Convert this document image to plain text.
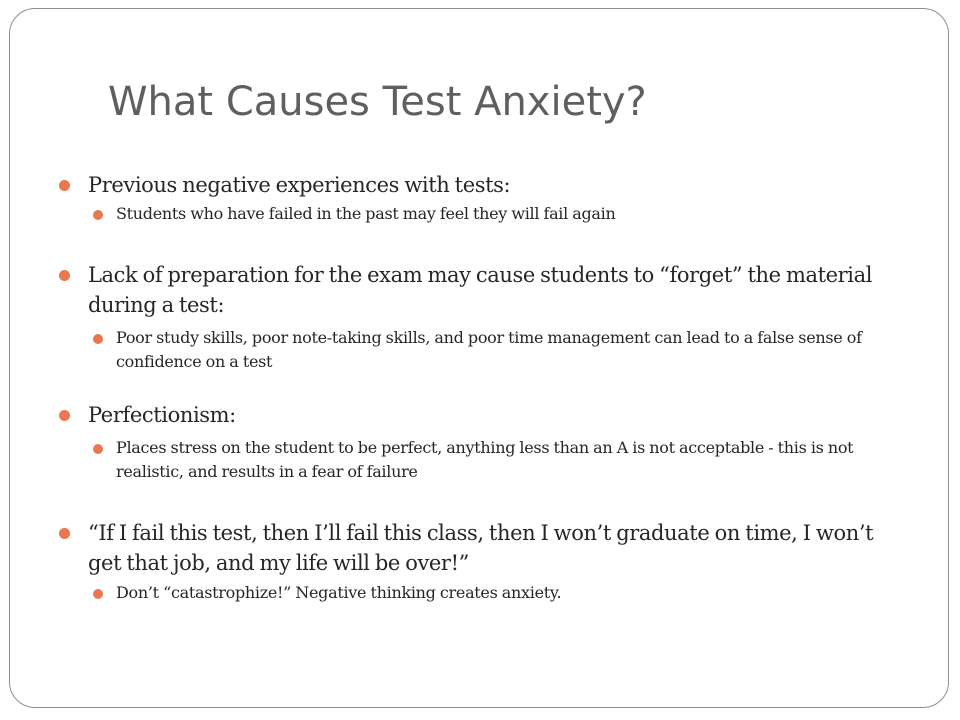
What Causes Test Anxiety?
Previous negative experiences with tests:
Students who have failed in the past may feel they will fail again
Lack of preparation for the exam may cause students to “forget” the material during a test:
Poor study skills, poor note-taking skills, and poor time management can lead to a false sense of confidence on a test
Perfectionism:
Places stress on the student to be perfect, anything less than an A is not acceptable - this is not realistic, and results in a fear of failure
“If I fail this test, then I’ll fail this class, then I won’t graduate on time, I won’t get that job, and my life will be over!”
Don’t “catastrophize!” Negative thinking creates anxiety.
